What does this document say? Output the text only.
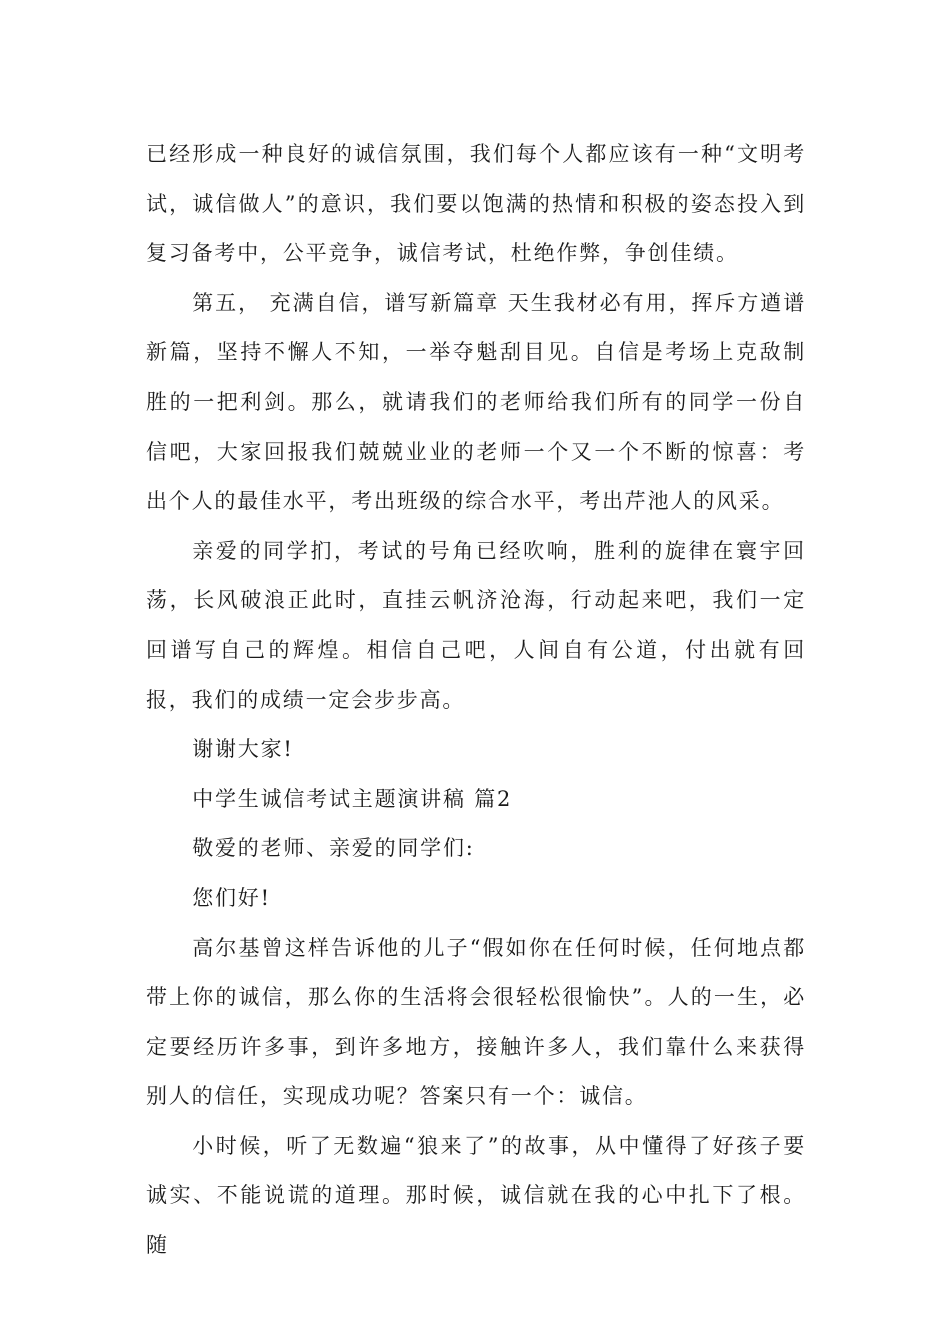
已经形成一种良好的诚信氛围，我们每个人都应该有一种“文明考试，诚信做人”的意识，我们要以饱满的热情和积极的姿态投入到复习备考中，公平竞争，诚信考试，杜绝作弊，争创佳绩。

第五， 充满自信，谱写新篇章 天生我材必有用，挥斥方遒谱新篇，坚持不懈人不知，一举夺魁刮目见。自信是考场上克敌制胜的一把利剑。那么，就请我们的老师给我们所有的同学一份自信吧，大家回报我们兢兢业业的老师一个又一个不断的惊喜：考出个人的最佳水平，考出班级的综合水平，考出芹池人的风采。

亲爱的同学扪，考试的号角已经吹响，胜利的旋律在寰宇回荡，长风破浪正此时，直挂云帆济沧海，行动起来吧，我们一定回谱写自己的辉煌。相信自己吧，人间自有公道，付出就有回报，我们的成绩一定会步步高。

谢谢大家!

中学生诚信考试主题演讲稿 篇2

敬爱的老师、亲爱的同学们:

您们好!

高尔基曾这样告诉他的儿子“假如你在任何时候，任何地点都带上你的诚信，那么你的生活将会很轻松很愉快”。人的一生，必定要经历许多事，到许多地方，接触许多人，我们靠什么来获得别人的信任，实现成功呢？答案只有一个：诚信。

小时候，听了无数遍“狼来了”的故事，从中懂得了好孩子要诚实、不能说谎的道理。那时候，诚信就在我的心中扎下了根。随
